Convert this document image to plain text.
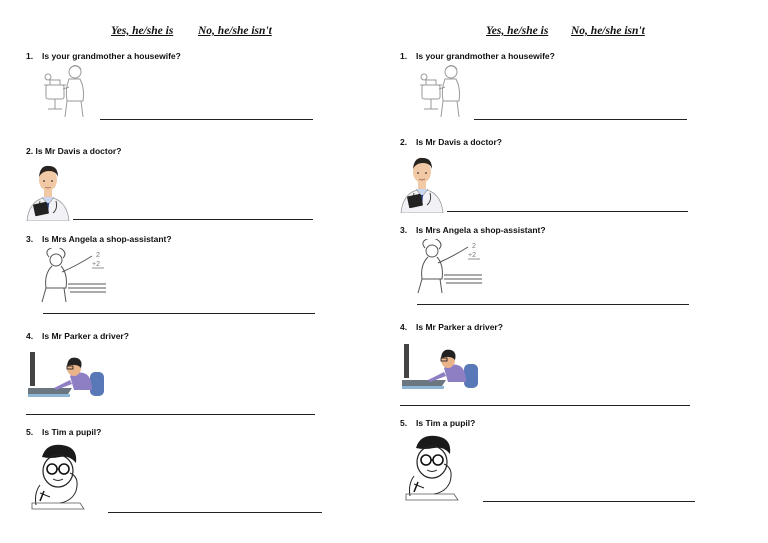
Yes, he/she is No, he/she isn't
1. Is your grandmother a housewife?
2. Is Mr Davis a doctor?
3. Is Mrs Angela a shop-assistant?
2
+2
4. Is Mr Parker a driver?
5. Is Tim a pupil?
Yes, he/she is No, he/she isn't
1. Is your grandmother a housewife?
2. Is Mr Davis a doctor?
3. Is Mrs Angela a shop-assistant?
2
+2
4. Is Mr Parker a driver?
5. Is Tim a pupil?
